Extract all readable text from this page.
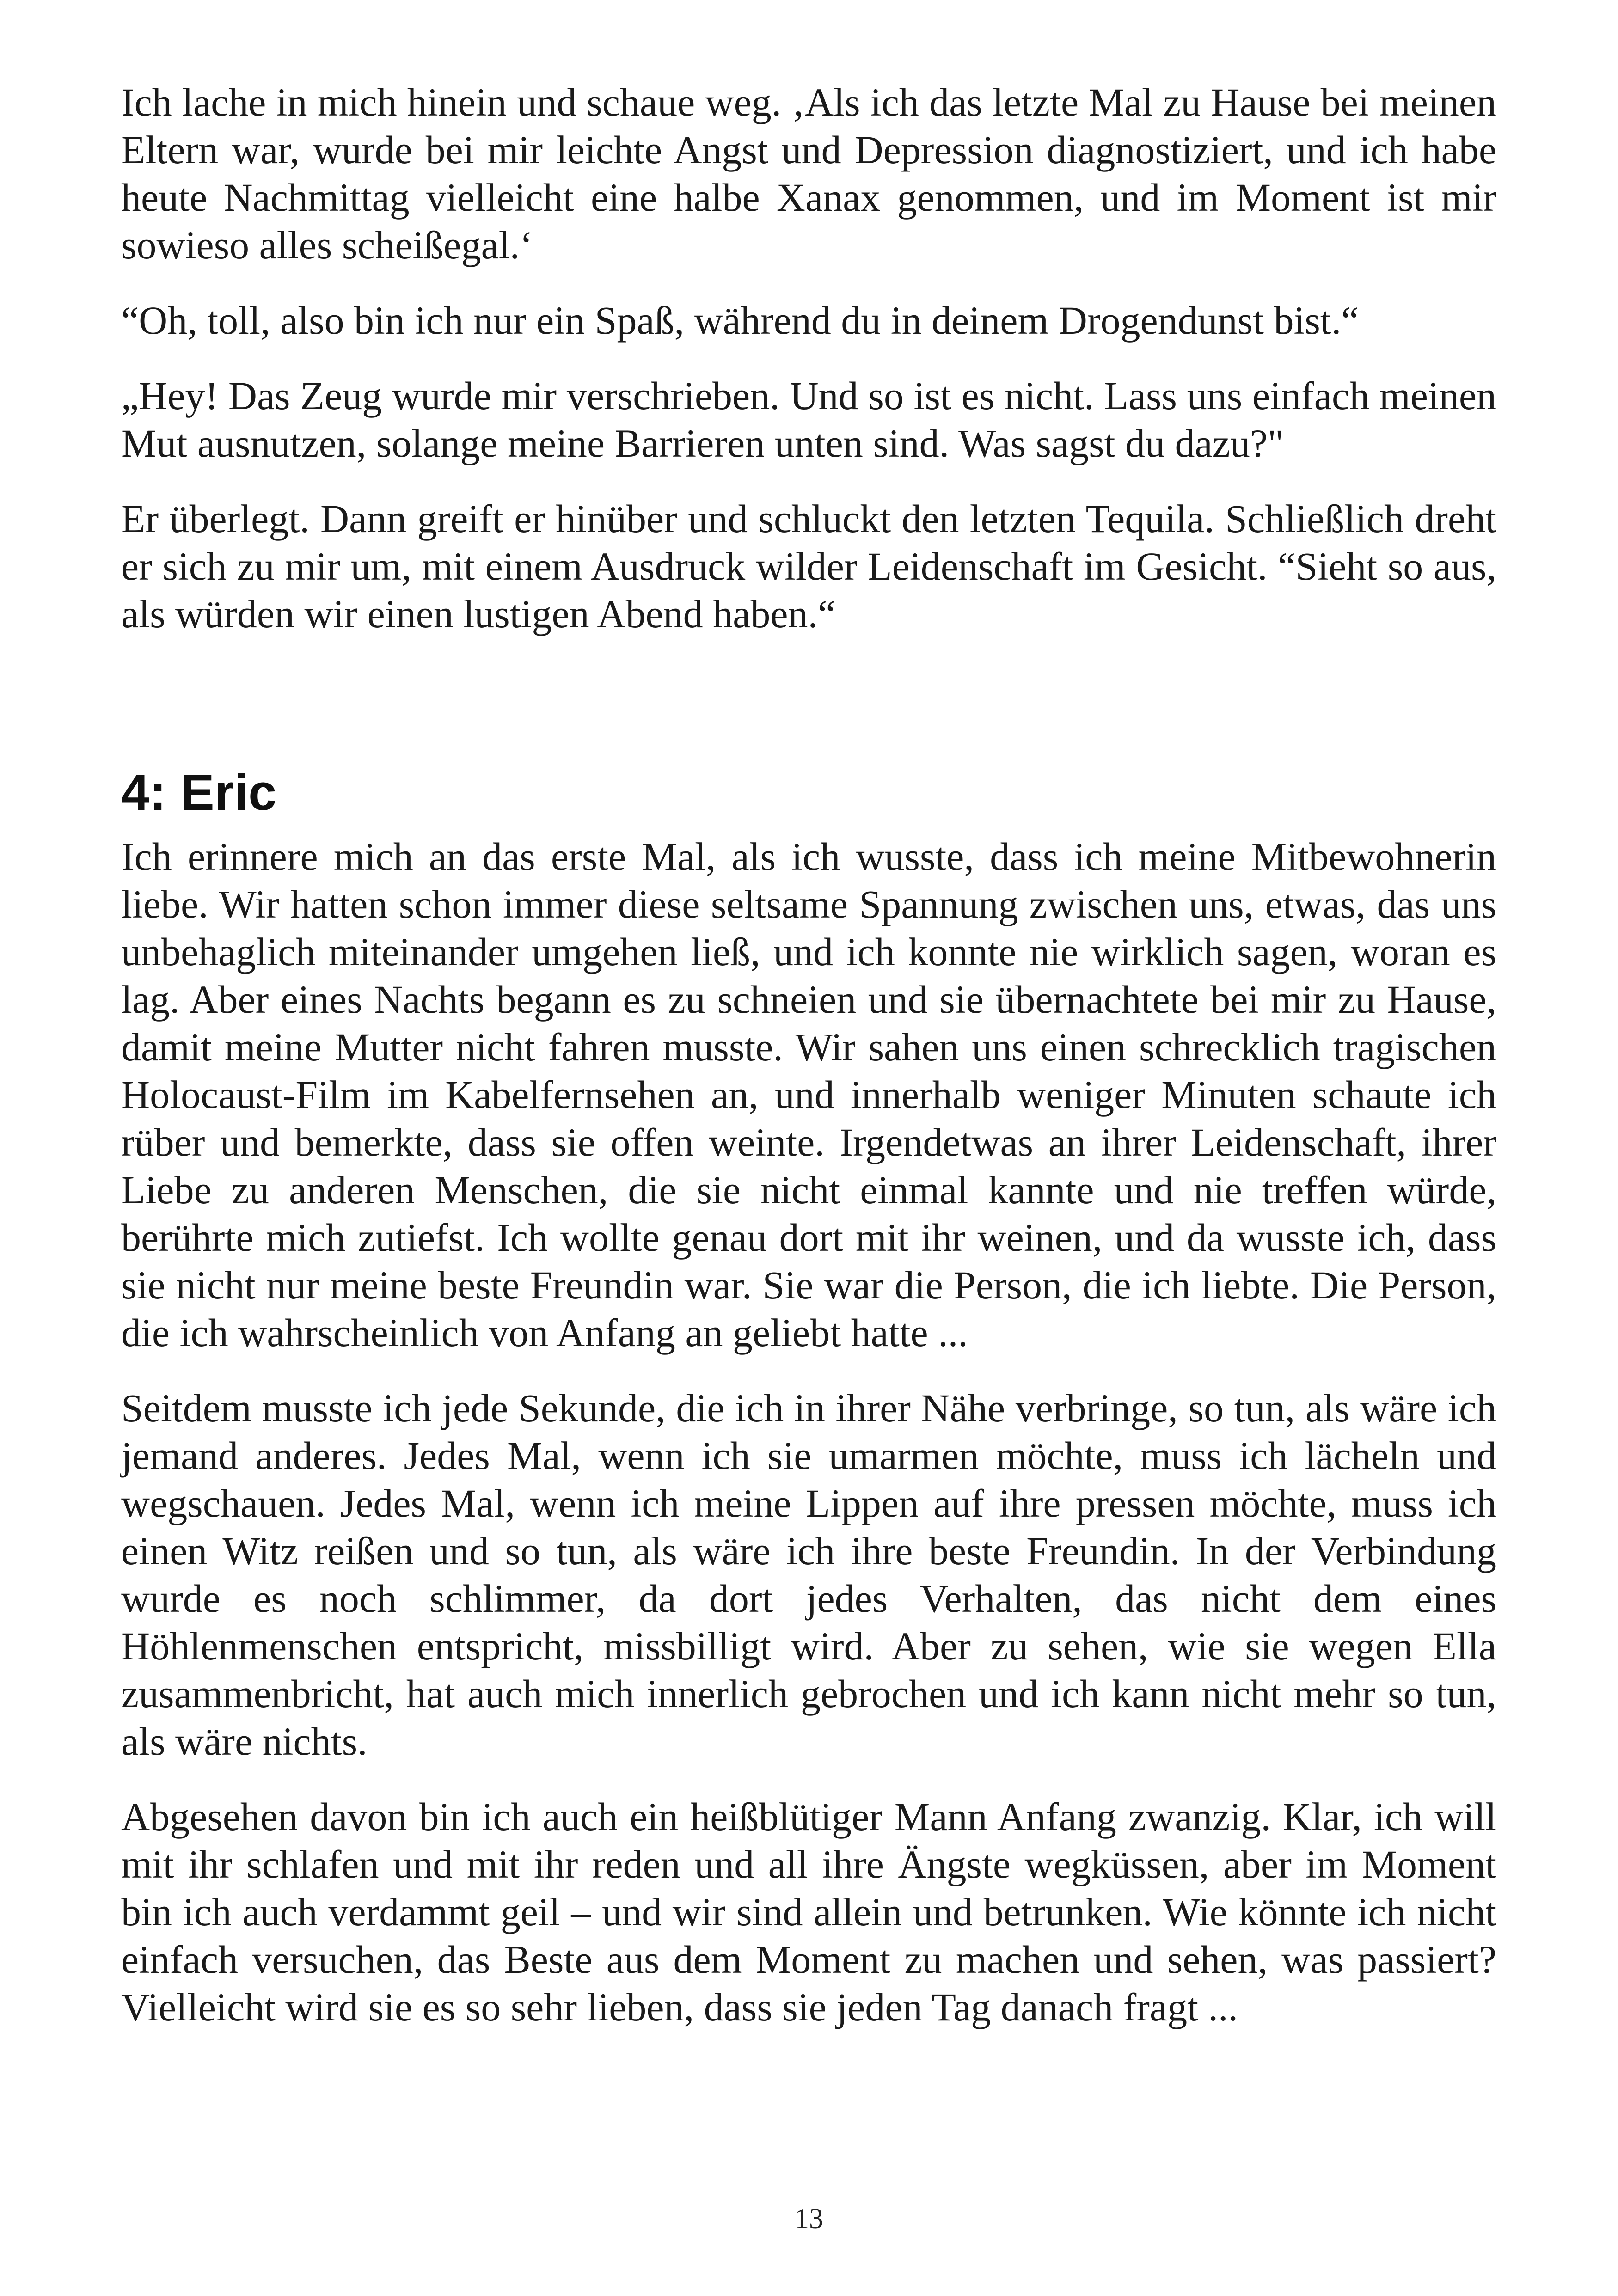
Ich lache in mich hinein und schaue weg. ‚Als ich das letzte Mal zu Hause bei meinen Eltern war, wurde bei mir leichte Angst und Depression diagnostiziert, und ich habe heute Nachmittag vielleicht eine halbe Xanax genommen, und im Moment ist mir sowieso alles scheißegal.‘

“Oh, toll, also bin ich nur ein Spaß, während du in deinem Drogendunst bist.“

„Hey! Das Zeug wurde mir verschrieben. Und so ist es nicht. Lass uns einfach meinen Mut ausnutzen, solange meine Barrieren unten sind. Was sagst du dazu?"

Er überlegt. Dann greift er hinüber und schluckt den letzten Tequila. Schließlich dreht er sich zu mir um, mit einem Ausdruck wilder Leidenschaft im Gesicht. “Sieht so aus, als würden wir einen lustigen Abend haben.“

4: Eric

Ich erinnere mich an das erste Mal, als ich wusste, dass ich meine Mitbewohnerin liebe. Wir hatten schon immer diese seltsame Spannung zwischen uns, etwas, das uns unbehaglich miteinander umgehen ließ, und ich konnte nie wirklich sagen, woran es lag. Aber eines Nachts begann es zu schneien und sie übernachtete bei mir zu Hause, damit meine Mutter nicht fahren musste. Wir sahen uns einen schrecklich tragischen Holocaust-Film im Kabelfernsehen an, und innerhalb weniger Minuten schaute ich rüber und bemerkte, dass sie offen weinte. Irgendetwas an ihrer Leidenschaft, ihrer Liebe zu anderen Menschen, die sie nicht einmal kannte und nie treffen würde, berührte mich zutiefst. Ich wollte genau dort mit ihr weinen, und da wusste ich, dass sie nicht nur meine beste Freundin war. Sie war die Person, die ich liebte. Die Person, die ich wahrscheinlich von Anfang an geliebt hatte ...

Seitdem musste ich jede Sekunde, die ich in ihrer Nähe verbringe, so tun, als wäre ich jemand anderes. Jedes Mal, wenn ich sie umarmen möchte, muss ich lächeln und wegschauen. Jedes Mal, wenn ich meine Lippen auf ihre pressen möchte, muss ich einen Witz reißen und so tun, als wäre ich ihre beste Freundin. In der Verbindung wurde es noch schlimmer, da dort jedes Verhalten, das nicht dem eines Höhlenmenschen entspricht, missbilligt wird. Aber zu sehen, wie sie wegen Ella zusammenbricht, hat auch mich innerlich gebrochen und ich kann nicht mehr so tun, als wäre nichts.

Abgesehen davon bin ich auch ein heißblütiger Mann Anfang zwanzig. Klar, ich will mit ihr schlafen und mit ihr reden und all ihre Ängste wegküssen, aber im Moment bin ich auch verdammt geil – und wir sind allein und betrunken. Wie könnte ich nicht einfach versuchen, das Beste aus dem Moment zu machen und sehen, was passiert? Vielleicht wird sie es so sehr lieben, dass sie jeden Tag danach fragt ...

13
